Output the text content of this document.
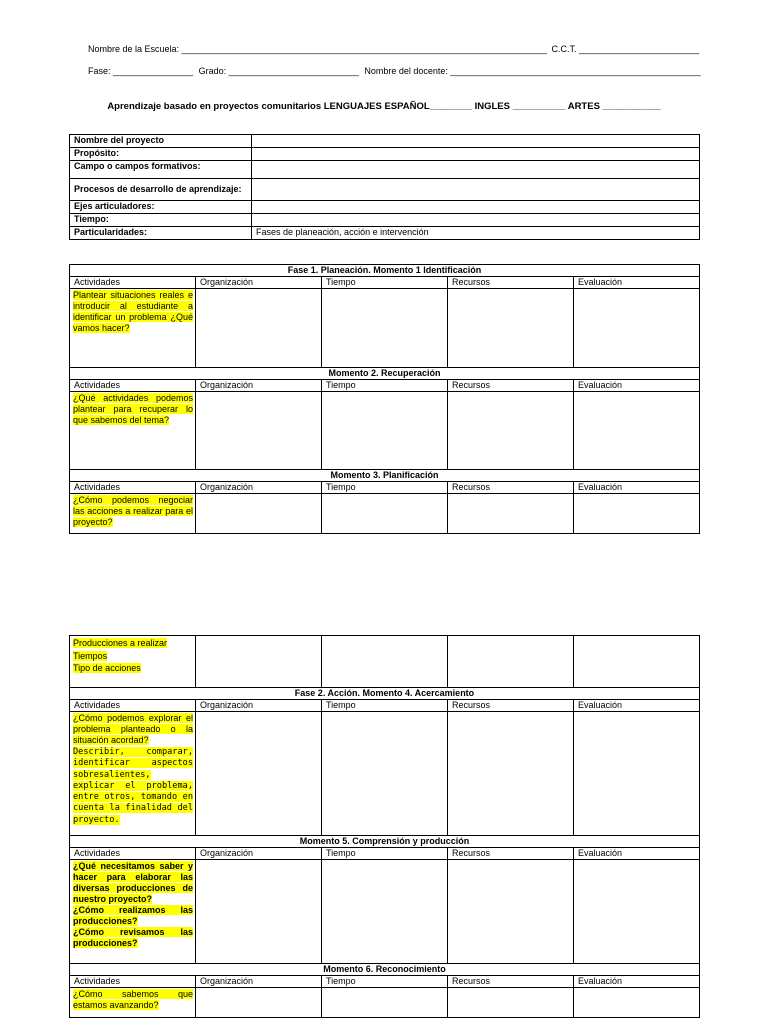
Nombre de la Escuela: _________________________________________________________________________ C.C.T. ________________________
Fase: ________________ Grado: __________________________ Nombre del docente: __________________________________________________
Aprendizaje basado en proyectos comunitarios LENGUAJES ESPAÑOL________ INGLES __________ ARTES ___________
Nombre del proyecto	
Propósito:	
Campo o campos formativos:	
Procesos de desarrollo de aprendizaje:	
Ejes articuladores:	
Tiempo:	
Particularidades:	Fases de planeación, acción e intervención
Fase 1. Planeación. Momento 1 Identificación				
Actividades	Organización	Tiempo	Recursos	Evaluación
Plantear situaciones reales e introducir al estudiante a identificar un problema ¿Qué vamos hacer?				
Momento 2. Recuperación				
Actividades	Organización	Tiempo	Recursos	Evaluación
¿Qué actividades podemos plantear para recuperar lo que sabemos del tema?				
Momento 3. Planificación				
Actividades	Organización	Tiempo	Recursos	Evaluación
¿Cómo podemos negociar las acciones a realizar para el proyecto?				
Producciones a realizar
Tiempos
Tipo de acciones				
Fase 2. Acción. Momento 4. Acercamiento				
Actividades	Organización	Tiempo	Recursos	Evaluación
¿Cómo podemos explorar el problema planteado o la situación acordad?
Describir, comparar, identificar aspectos sobresalientes, explicar el problema, entre otros, tomando en cuenta la finalidad del proyecto.				
Momento 5. Comprensión y producción				
Actividades	Organización	Tiempo	Recursos	Evaluación
¿Qué necesitamos saber y hacer para elaborar las diversas producciones de nuestro proyecto?
¿Cómo realizamos las producciones?
¿Cómo revisamos las producciones?				
Momento 6. Reconocimiento				
Actividades	Organización	Tiempo	Recursos	Evaluación
¿Cómo sabemos que estamos avanzando?				
